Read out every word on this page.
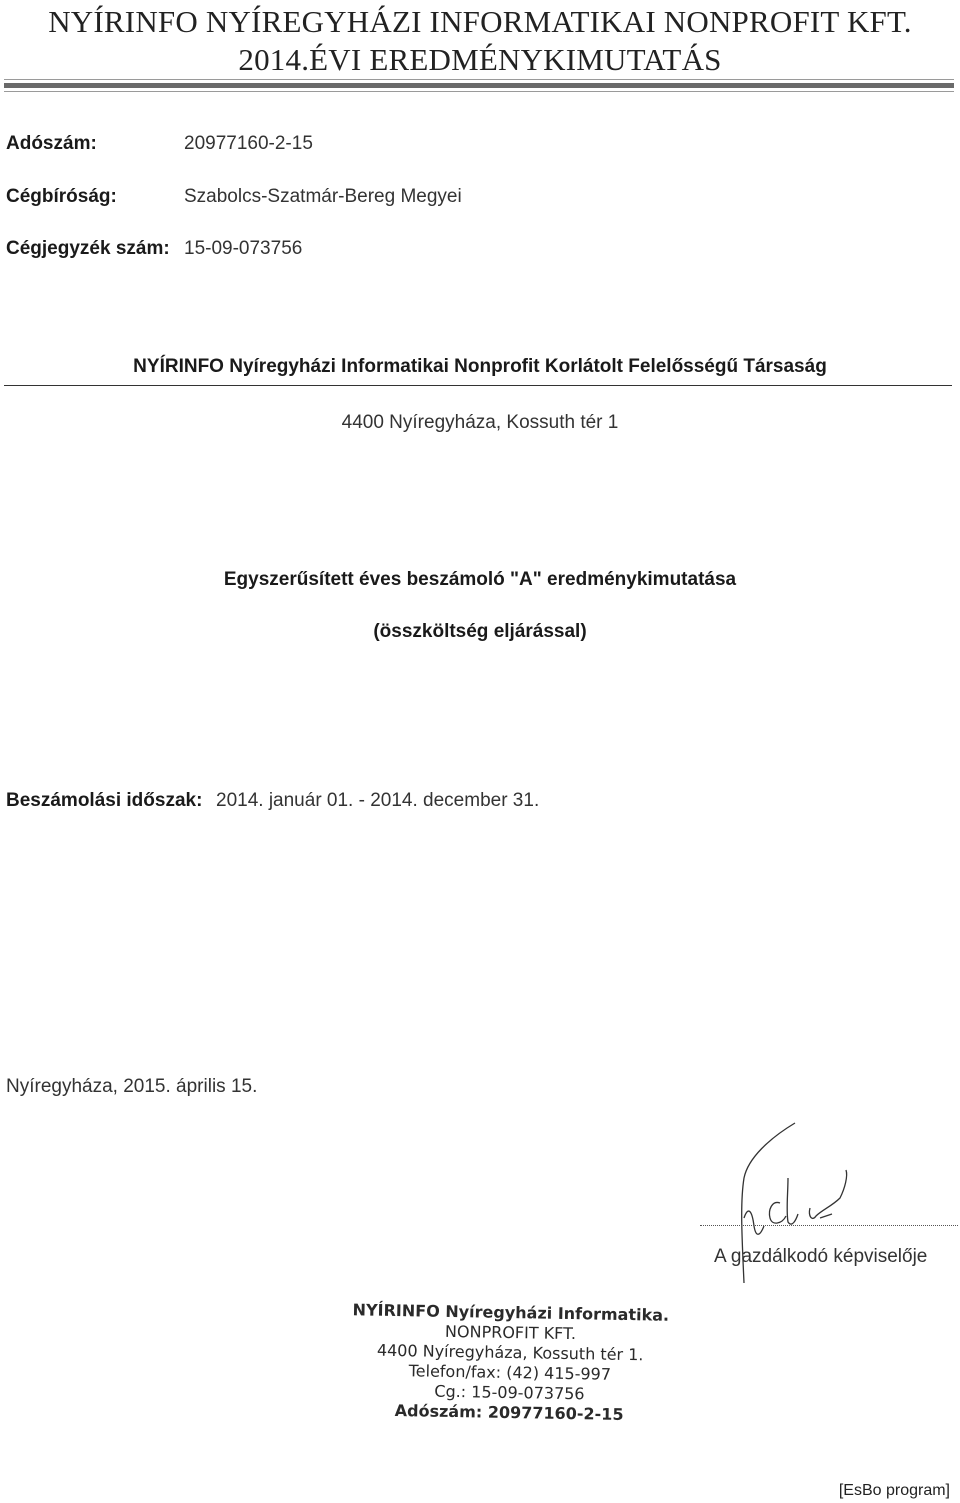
NYÍRINFO NYÍREGYHÁZI INFORMATIKAI NONPROFIT KFT.
2014.ÉVI EREDMÉNYKIMUTATÁS
Adószám:	20977160-2-15
Cégbíróság:	Szabolcs-Szatmár-Bereg Megyei
Cégjegyzék szám: 15-09-073756
NYÍRINFO Nyíregyházi Informatikai Nonprofit Korlátolt Felelősségű Társaság
4400 Nyíregyháza, Kossuth tér 1
Egyszerűsített éves beszámoló "A" eredménykimutatása
(összköltség eljárással)
Beszámolási időszak: 2014. január 01. - 2014. december 31.
Nyíregyháza, 2015. április 15.
A gazdálkodó képviselője
NYÍRINFO Nyíregyházi Informatika.
NONPROFIT KFT.
4400 Nyíregyháza, Kossuth tér 1.
Telefon/fax: (42) 415-997
Cg.: 15-09-073756
Adószám: 20977160-2-15
[EsBo program]
